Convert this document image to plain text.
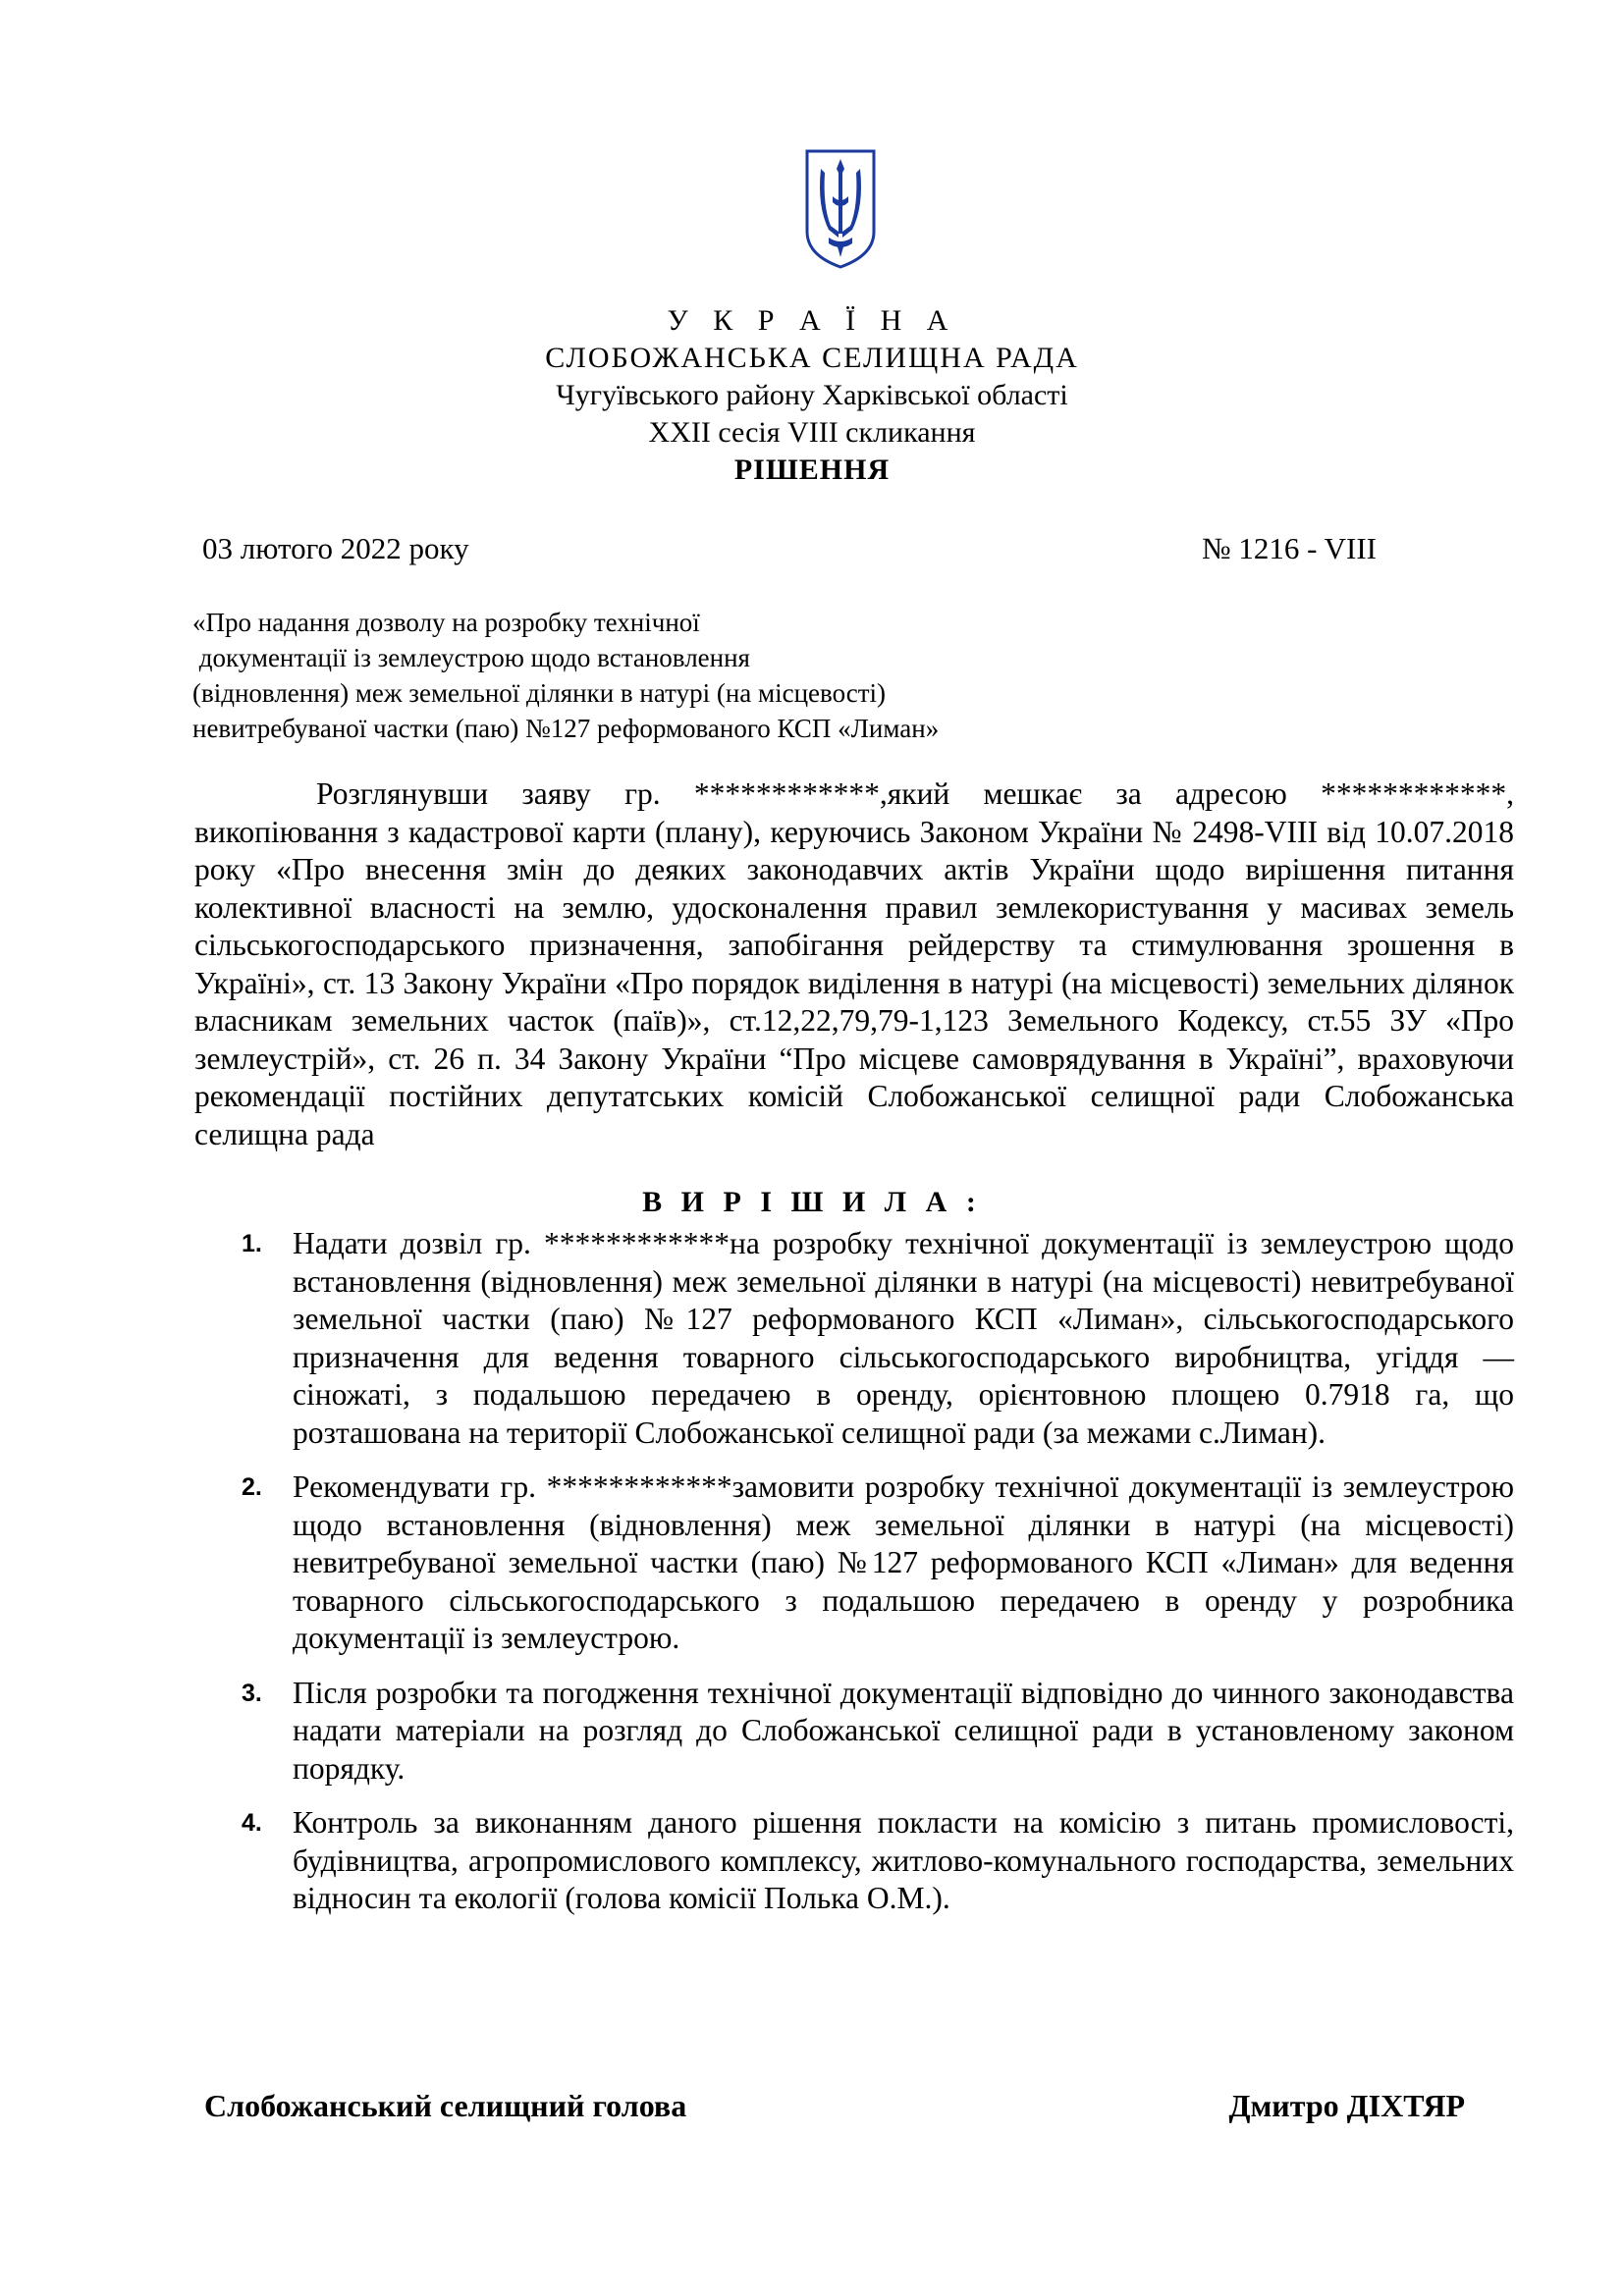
У К Р А Ї Н А
СЛОБОЖАНСЬКА СЕЛИЩНА РАДА
Чугуївського району Харківської області
XXII сесія VIII скликання
РІШЕННЯ
03 лютого 2022 року	№ 1216 - VIII
«Про надання дозволу на розробку технічної
документації із землеустрою щодо встановлення
(відновлення) меж земельної ділянки в натурі (на місцевості)
невитребуваної частки (паю) №127 реформованого КСП «Лиман»

Розглянувши заяву гр. ************,який мешкає за адресою ************, викопіювання з кадастрової карти (плану), керуючись Законом України № 2498-VIII від 10.07.2018 року «Про внесення змін до деяких законодавчих актів України щодо вирішення питання колективної власності на землю, удосконалення правил землекористування у масивах земель сільськогосподарського призначення, запобігання рейдерству та стимулювання зрошення в Україні», ст. 13 Закону України «Про порядок виділення в натурі (на місцевості) земельних ділянок власникам земельних часток (паїв)», ст.12,22,79,79-1,123 Земельного Кодексу, ст.55 ЗУ «Про землеустрій», ст. 26 п. 34 Закону України “Про місцеве самоврядування в Україні”, враховуючи рекомендації постійних депутатських комісій Слобожанської селищної ради Слобожанська селищна рада

В И Р І Ш И Л А :
1. Надати дозвіл гр. ************на розробку технічної документації із землеустрою щодо встановлення (відновлення) меж земельної ділянки в натурі (на місцевості) невитребуваної земельної частки (паю) №127 реформованого КСП «Лиман», сільськогосподарського призначення для ведення товарного сільськогосподарського виробництва, угіддя — сіножаті, з подальшою передачею в оренду, орієнтовною площею 0.7918 га, що розташована на території Слобожанської селищної ради (за межами с.Лиман).
2. Рекомендувати гр. ************замовити розробку технічної документації із землеустрою щодо встановлення (відновлення) меж земельної ділянки в натурі (на місцевості) невитребуваної земельної частки (паю) №127 реформованого КСП «Лиман» для ведення товарного сільськогосподарського з подальшою передачею в оренду у розробника документації із землеустрою.
3. Після розробки та погодження технічної документації відповідно до чинного законодавства надати матеріали на розгляд до Слобожанської селищної ради в установленому законом порядку.
4. Контроль за виконанням даного рішення покласти на комісію з питань промисловості, будівництва, агропромислового комплексу, житлово-комунального господарства, земельних відносин та екології (голова комісії Полька О.М.).
Слобожанський селищний голова	Дмитро ДІХТЯР
